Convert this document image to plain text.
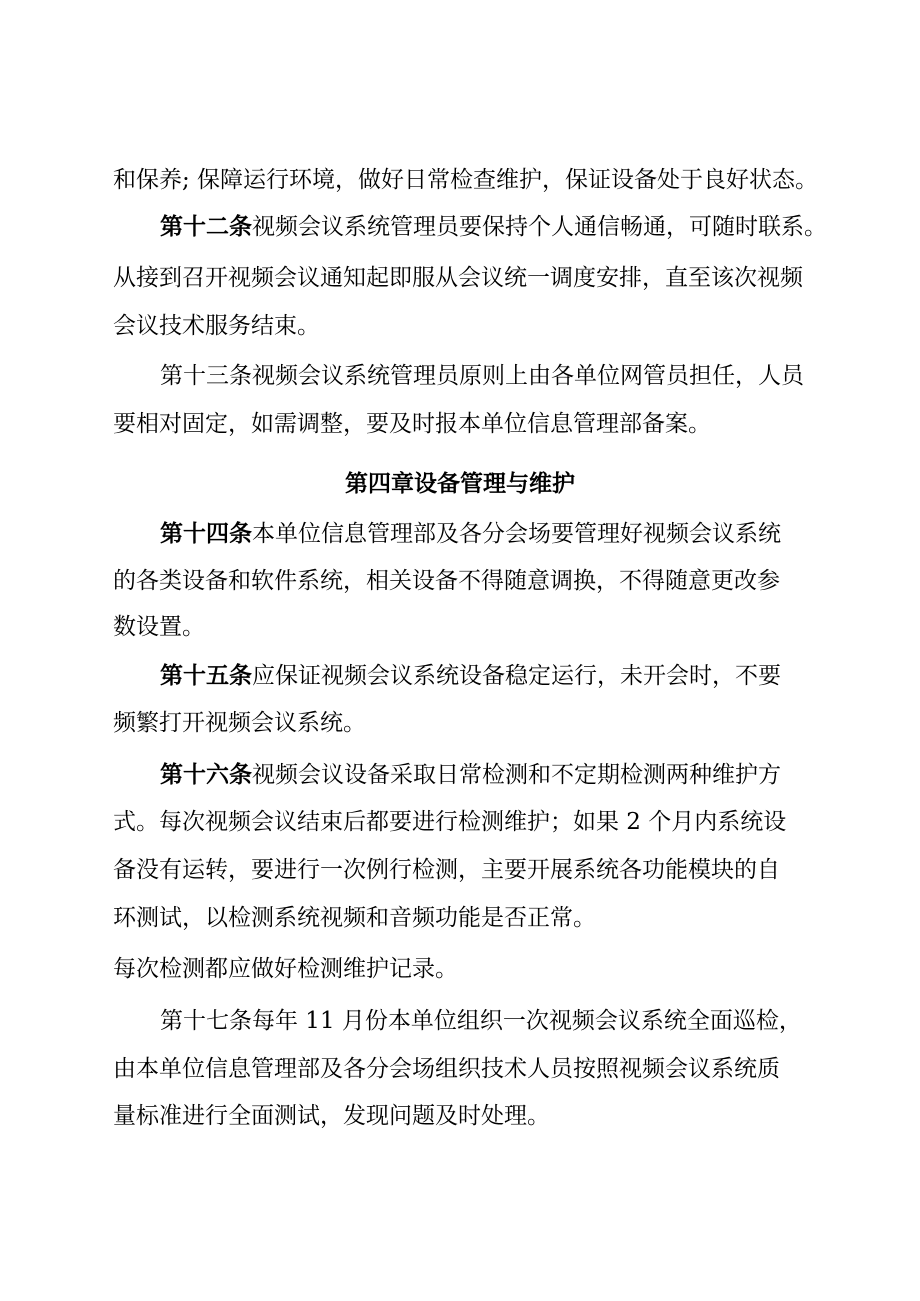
和保养; 保障运行环境，做好日常检查维护，保证设备处于良好状态。

第十二条视频会议系统管理员要保持个人通信畅通，可随时联系。

从接到召开视频会议通知起即服从会议统一调度安排，直至该次视频

会议技术服务结束。

第十三条视频会议系统管理员原则上由各单位网管员担任，人员

要相对固定，如需调整，要及时报本单位信息管理部备案。

第四章设备管理与维护

第十四条本单位信息管理部及各分会场要管理好视频会议系统

的各类设备和软件系统，相关设备不得随意调换，不得随意更改参

数设置。

第十五条应保证视频会议系统设备稳定运行，未开会时，不要

频繁打开视频会议系统。

第十六条视频会议设备采取日常检测和不定期检测两种维护方

式。每次视频会议结束后都要进行检测维护；如果 2 个月内系统设

备没有运转，要进行一次例行检测，主要开展系统各功能模块的自

环测试，以检测系统视频和音频功能是否正常。

每次检测都应做好检测维护记录。

第十七条每年 11 月份本单位组织一次视频会议系统全面巡检，

由本单位信息管理部及各分会场组织技术人员按照视频会议系统质

量标准进行全面测试，发现问题及时处理。
